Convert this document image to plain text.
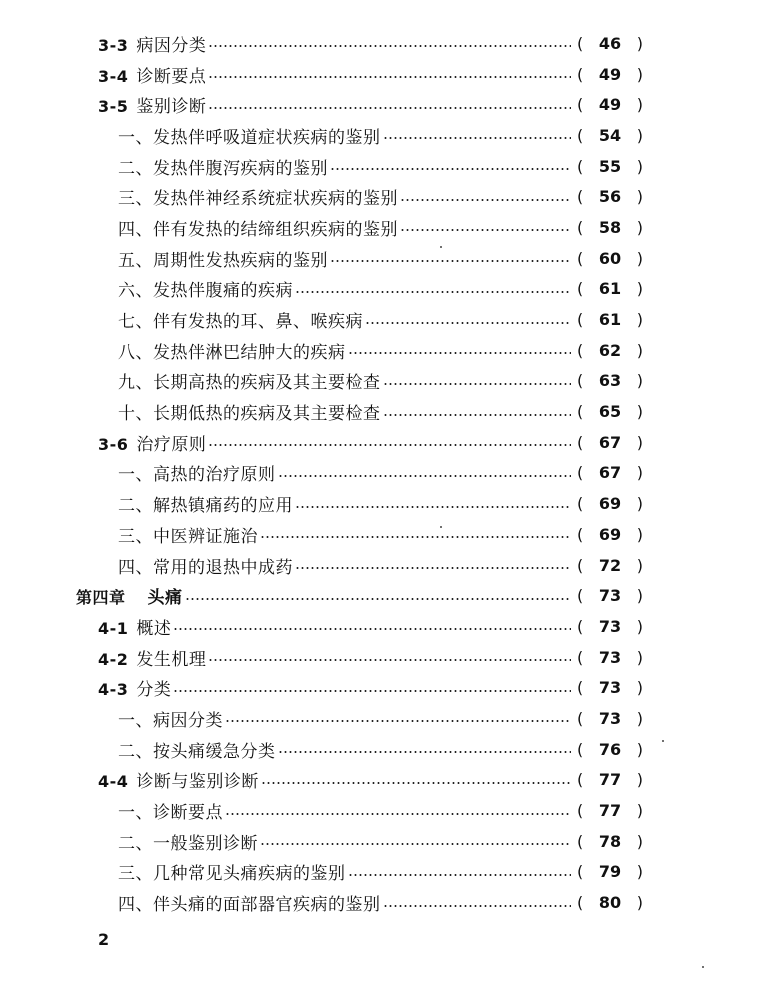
3-3 病因分类	( 46 )
3-4 诊断要点	( 49 )
3-5 鉴别诊断	( 49 )
一、发热伴呼吸道症状疾病的鉴别	( 54 )
二、发热伴腹泻疾病的鉴别	( 55 )
三、发热伴神经系统症状疾病的鉴别	( 56 )
四、伴有发热的结缔组织疾病的鉴别	( 58 )
五、周期性发热疾病的鉴别	( 60 )
六、发热伴腹痛的疾病	( 61 )
七、伴有发热的耳、鼻、喉疾病	( 61 )
八、发热伴淋巴结肿大的疾病	( 62 )
九、长期高热的疾病及其主要检查	( 63 )
十、长期低热的疾病及其主要检查	( 65 )
3-6 治疗原则	( 67 )
一、高热的治疗原则	( 67 )
二、解热镇痛药的应用	( 69 )
三、中医辨证施治	( 69 )
四、常用的退热中成药	( 72 )
第四章 头痛	( 73 )
4-1 概述	( 73 )
4-2 发生机理	( 73 )
4-3 分类	( 73 )
一、病因分类	( 73 )
二、按头痛缓急分类	( 76 )
4-4 诊断与鉴别诊断	( 77 )
一、诊断要点	( 77 )
二、一般鉴别诊断	( 78 )
三、几种常见头痛疾病的鉴别	( 79 )
四、伴头痛的面部器官疾病的鉴别	( 80 )
2
